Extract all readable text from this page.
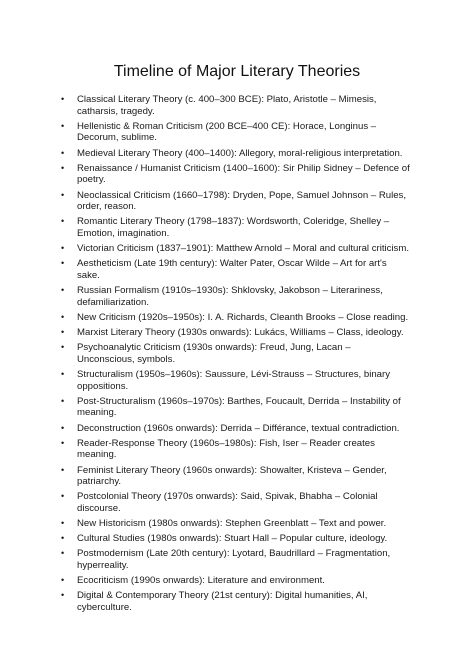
Timeline of Major Literary Theories
• Classical Literary Theory (c. 400–300 BCE): Plato, Aristotle – Mimesis, catharsis, tragedy.
• Hellenistic & Roman Criticism (200 BCE–400 CE): Horace, Longinus – Decorum, sublime.
• Medieval Literary Theory (400–1400): Allegory, moral-religious interpretation.
• Renaissance / Humanist Criticism (1400–1600): Sir Philip Sidney – Defence of poetry.
• Neoclassical Criticism (1660–1798): Dryden, Pope, Samuel Johnson – Rules, order, reason.
• Romantic Literary Theory (1798–1837): Wordsworth, Coleridge, Shelley – Emotion, imagination.
• Victorian Criticism (1837–1901): Matthew Arnold – Moral and cultural criticism.
• Aestheticism (Late 19th century): Walter Pater, Oscar Wilde – Art for art's sake.
• Russian Formalism (1910s–1930s): Shklovsky, Jakobson – Literariness, defamiliarization.
• New Criticism (1920s–1950s): I. A. Richards, Cleanth Brooks – Close reading.
• Marxist Literary Theory (1930s onwards): Lukács, Williams – Class, ideology.
• Psychoanalytic Criticism (1930s onwards): Freud, Jung, Lacan – Unconscious, symbols.
• Structuralism (1950s–1960s): Saussure, Lévi-Strauss – Structures, binary oppositions.
• Post-Structuralism (1960s–1970s): Barthes, Foucault, Derrida – Instability of meaning.
• Deconstruction (1960s onwards): Derrida – Différance, textual contradiction.
• Reader-Response Theory (1960s–1980s): Fish, Iser – Reader creates meaning.
• Feminist Literary Theory (1960s onwards): Showalter, Kristeva – Gender, patriarchy.
• Postcolonial Theory (1970s onwards): Said, Spivak, Bhabha – Colonial discourse.
• New Historicism (1980s onwards): Stephen Greenblatt – Text and power.
• Cultural Studies (1980s onwards): Stuart Hall – Popular culture, ideology.
• Postmodernism (Late 20th century): Lyotard, Baudrillard – Fragmentation, hyperreality.
• Ecocriticism (1990s onwards): Literature and environment.
• Digital & Contemporary Theory (21st century): Digital humanities, AI, cyberculture.
